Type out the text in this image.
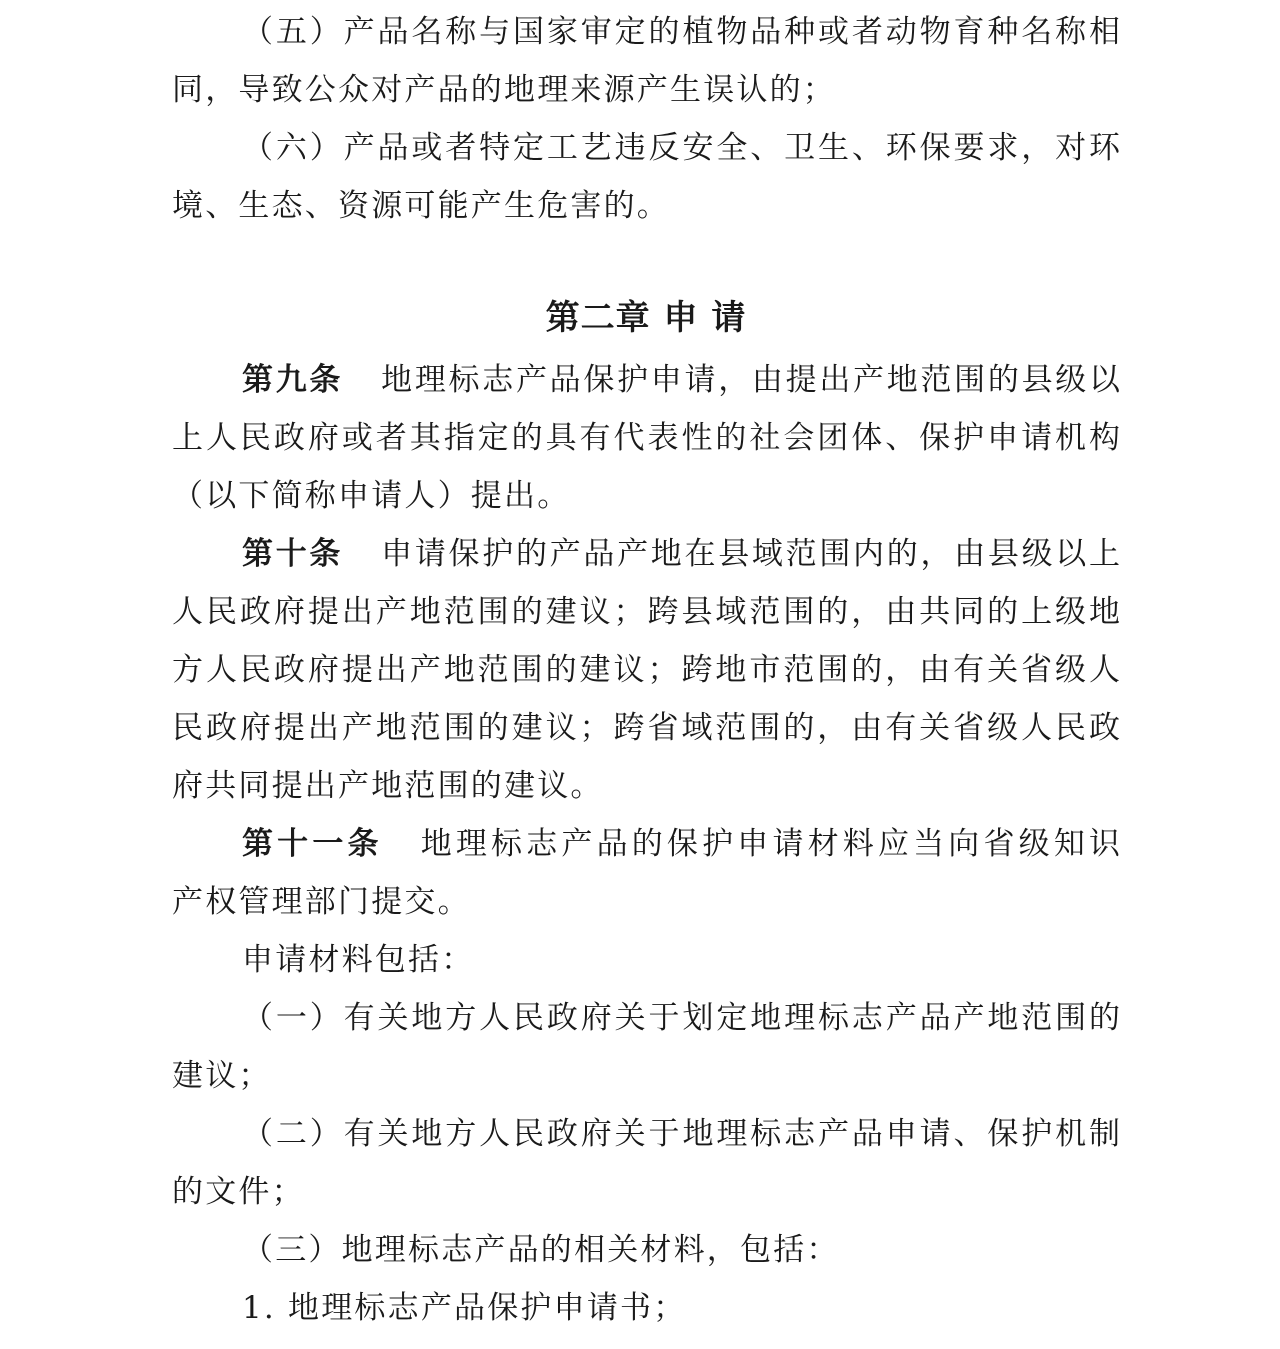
（五）产品名称与国家审定的植物品种或者动物育种名称相
同，导致公众对产品的地理来源产生误认的；
（六）产品或者特定工艺违反安全、卫生、环保要求，对环
境、生态、资源可能产生危害的。
第二章 申 请
第九条 地理标志产品保护申请，由提出产地范围的县级以
上人民政府或者其指定的具有代表性的社会团体、保护申请机构
（以下简称申请人）提出。
第十条 申请保护的产品产地在县域范围内的，由县级以上
人民政府提出产地范围的建议；跨县域范围的，由共同的上级地
方人民政府提出产地范围的建议；跨地市范围的，由有关省级人
民政府提出产地范围的建议；跨省域范围的，由有关省级人民政
府共同提出产地范围的建议。
第十一条 地理标志产品的保护申请材料应当向省级知识
产权管理部门提交。
申请材料包括：
（一）有关地方人民政府关于划定地理标志产品产地范围的
建议；
（二）有关地方人民政府关于地理标志产品申请、保护机制
的文件；
（三）地理标志产品的相关材料，包括：
1. 地理标志产品保护申请书；
